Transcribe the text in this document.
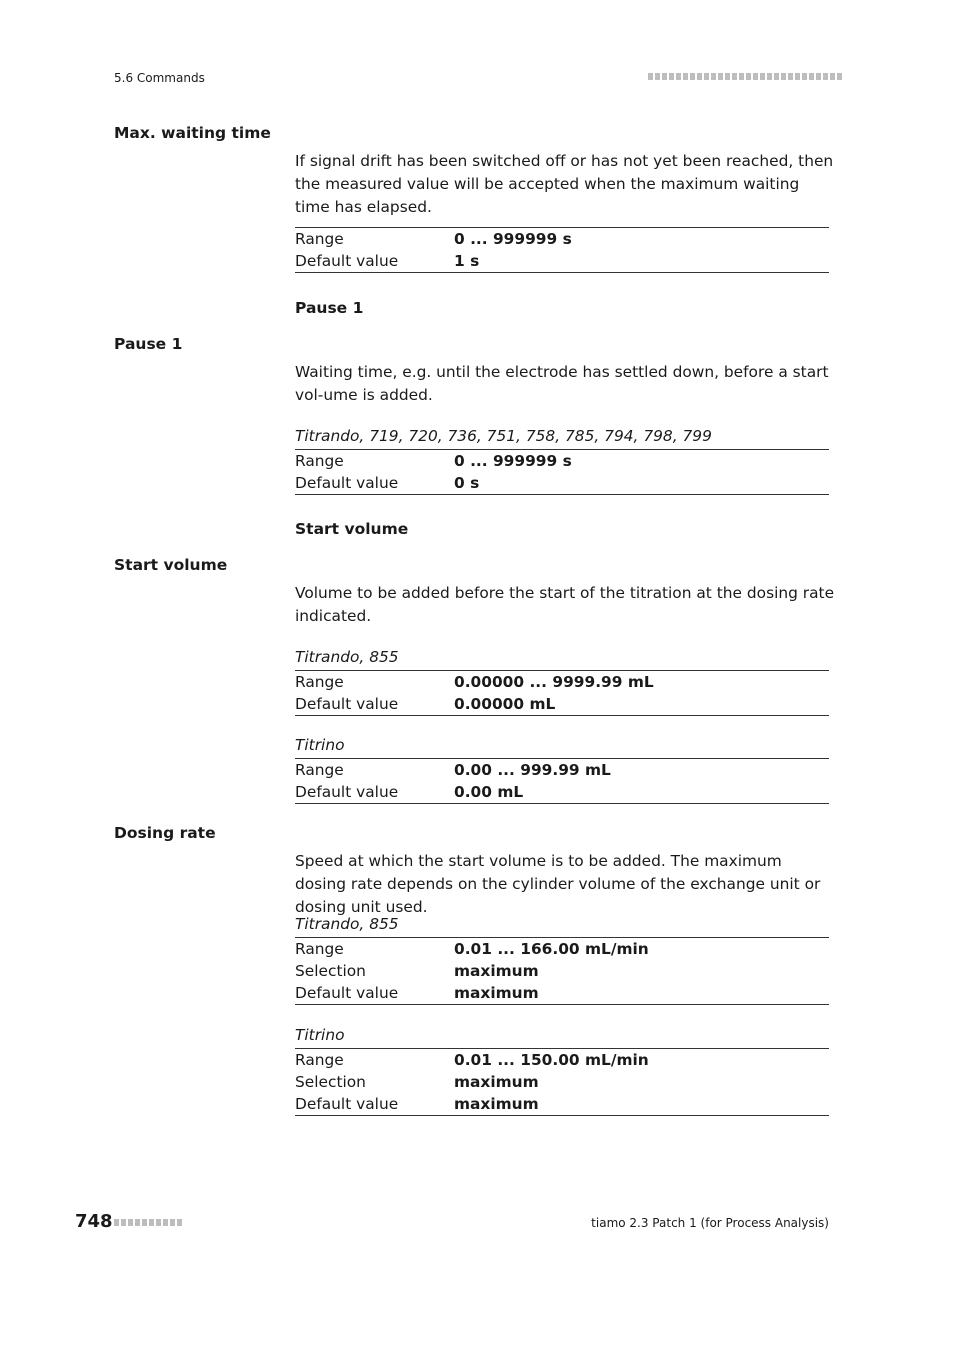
5.6 Commands
Max. waiting time
If signal drift has been switched off or has not yet been reached, then the measured value will be accepted when the maximum waiting time has elapsed.
Range	0 ... 999999 s
Default value	1 s
Pause 1
Pause 1
Waiting time, e.g. until the electrode has settled down, before a start vol-ume is added.
Titrando, 719, 720, 736, 751, 758, 785, 794, 798, 799
Range	0 ... 999999 s
Default value	0 s
Start volume
Start volume
Volume to be added before the start of the titration at the dosing rate indicated.
Titrando, 855
Range	0.00000 ... 9999.99 mL
Default value	0.00000 mL
Titrino
Range	0.00 ... 999.99 mL
Default value	0.00 mL
Dosing rate
Speed at which the start volume is to be added. The maximum dosing rate depends on the cylinder volume of the exchange unit or dosing unit used.
Titrando, 855
Range	0.01 ... 166.00 mL/min
Selection	maximum
Default value	maximum
Titrino
Range	0.01 ... 150.00 mL/min
Selection	maximum
Default value	maximum
748	tiamo 2.3 Patch 1 (for Process Analysis)
